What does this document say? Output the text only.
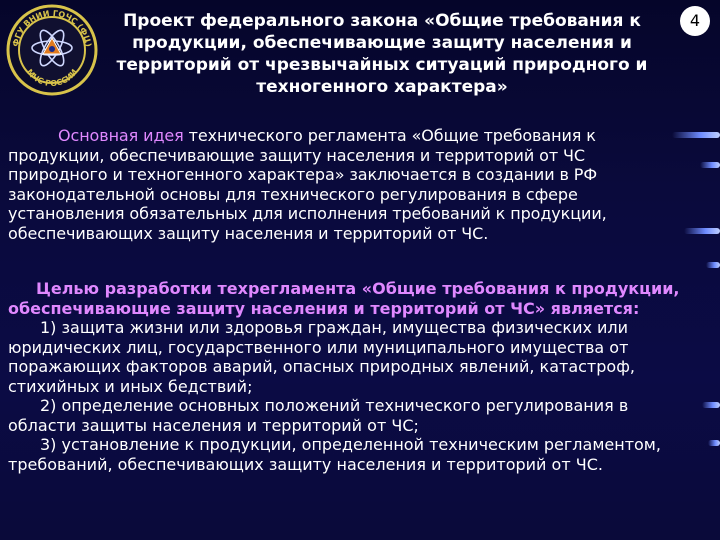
ФГУ ВНИИ ГОЧС (ФЦ)
МЧС РОССИИ
Проект федерального закона «Общие требования к продукции, обеспечивающие защиту населения и территорий от чрезвычайных ситуаций природного и техногенного характера»
4
Основная идея технического регламента «Общие требования к продукции, обеспечивающие защиту населения и территорий от ЧС природного и техногенного характера» заключается в создании в РФ законодательной основы для технического регулирования в сфере установления обязательных для исполнения требований к продукции, обеспечивающих защиту населения и территорий от ЧС.
Целью разработки техрегламента «Общие требования к продукции, обеспечивающие защиту населения и территорий от ЧС» является:
1) защита жизни или здоровья граждан, имущества физических или юридических лиц, государственного или муниципального имущества от поражающих факторов аварий, опасных природных явлений, катастроф, стихийных и иных бедствий;
2) определение основных положений технического регулирования в области защиты населения и территорий от ЧС;
3) установление к продукции, определенной техническим регламентом, требований, обеспечивающих защиту населения и территорий от ЧС.
